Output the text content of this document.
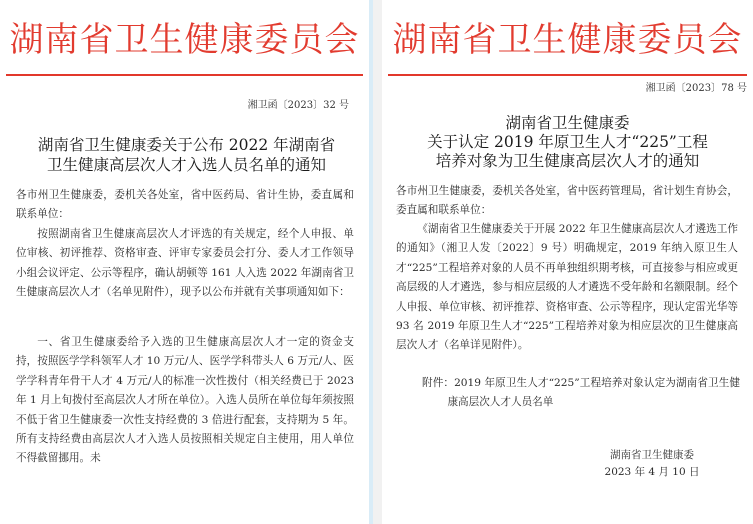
湖南省卫生健康委员会
湘卫函〔2023〕32 号
湖南省卫生健康委关于公布 2022 年湖南省
卫生健康高层次人才入选人员名单的通知

各市州卫生健康委，委机关各处室，省中医药局、省计生协，委直属和联系单位：

按照湖南省卫生健康高层次人才评选的有关规定，经个人申报、单位审核、初评推荐、资格审查、评审专家委员会打分、委人才工作领导小组会议评定、公示等程序，确认胡顿等 161 人入选 2022 年湖南省卫生健康高层次人才（名单见附件），现予以公布并就有关事项通知如下：

一、省卫生健康委给予入选的卫生健康高层次人才一定的资金支持，按照医学学科领军人才 10 万元/人、医学学科带头人 6 万元/人、医学学科青年骨干人才 4 万元/人的标准一次性拨付（相关经费已于 2023 年 1 月上旬拨付至高层次人才所在单位）。入选人员所在单位每年须按照不低于省卫生健康委一次性支持经费的 3 倍进行配套，支持期为 5 年。所有支持经费由高层次人才入选人员按照相关规定自主使用，用人单位不得截留挪用。未

湖南省卫生健康委员会
湘卫函〔2023〕78 号
湖南省卫生健康委
关于认定 2019 年原卫生人才“225”工程
培养对象为卫生健康高层次人才的通知

各市州卫生健康委，委机关各处室，省中医药管理局，省计划生育协会，委直属和联系单位：

《湖南省卫生健康委关于开展 2022 年卫生健康高层次人才遴选工作的通知》（湘卫人发〔2022〕9 号）明确规定，2019 年纳入原卫生人才“225”工程培养对象的人员不再单独组织期考核，可直接参与相应或更高层级的人才遴选，参与相应层级的人才遴选不受年龄和名额限制。经个人申报、单位审核、初评推荐、资格审查、公示等程序，现认定雷光华等 93 名 2019 年原卫生人才“225”工程培养对象为相应层次的卫生健康高层次人才（名单详见附件）。

附件：2019 年原卫生人才“225”工程培养对象认定为湖南省卫生健康高层次人才人员名单

湖南省卫生健康委
2023 年 4 月 10 日
